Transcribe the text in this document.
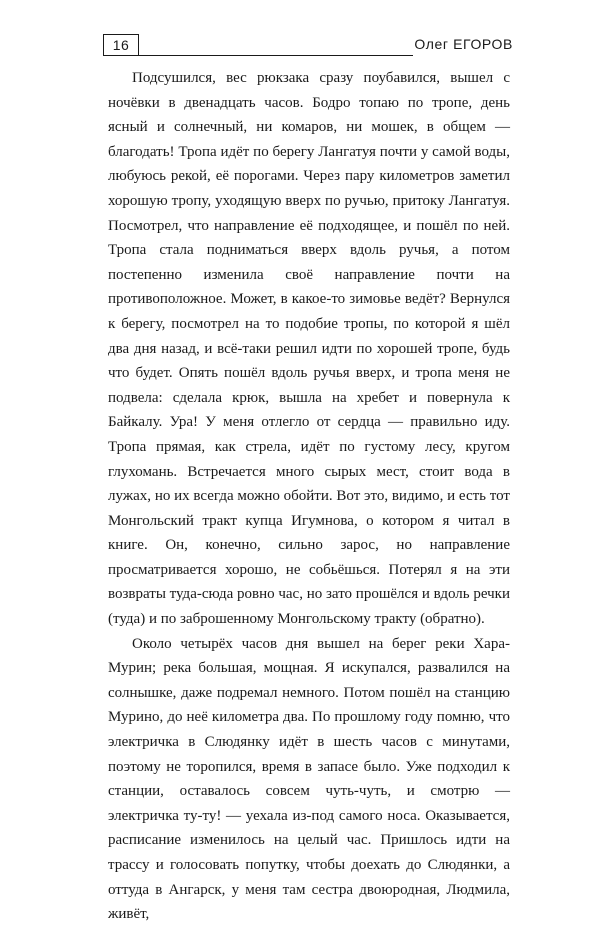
16	Олег ЕГОРОВ

Подсушился, вес рюкзака сразу поубавился, вышел с ночёвки в двенадцать часов. Бодро топаю по тропе, день ясный и солнечный, ни комаров, ни мошек, в общем — благодать! Тропа идёт по берегу Лангатуя почти у самой воды, любуюсь рекой, её порогами. Через пару километров заметил хорошую тропу, уходящую вверх по ручью, притоку Лангатуя. Посмотрел, что направление её подходящее, и пошёл по ней. Тропа стала подниматься вверх вдоль ручья, а потом постепенно изменила своё направление почти на противоположное. Может, в какое-то зимовье ведёт? Вернулся к берегу, посмотрел на то подобие тропы, по которой я шёл два дня назад, и всё-таки решил идти по хорошей тропе, будь что будет. Опять пошёл вдоль ручья вверх, и тропа меня не подвела: сделала крюк, вышла на хребет и повернула к Байкалу. Ура! У меня отлегло от сердца — правильно иду. Тропа прямая, как стрела, идёт по густому лесу, кругом глухомань. Встречается много сырых мест, стоит вода в лужах, но их всегда можно обойти. Вот это, видимо, и есть тот Монгольский тракт купца Игумнова, о котором я читал в книге. Он, конечно, сильно зарос, но направление просматривается хорошо, не собьёшься. Потерял я на эти возвраты туда-сюда ровно час, но зато прошёлся и вдоль речки (туда) и по заброшенному Монгольскому тракту (обратно).

Около четырёх часов дня вышел на берег реки Хара-Мурин; река большая, мощная. Я искупался, развалился на солнышке, даже подремал немного. Потом пошёл на станцию Мурино, до неё километра два. По прошлому году помню, что электричка в Слюдянку идёт в шесть часов с минутами, поэтому не торопился, время в запасе было. Уже подходил к станции, оставалось совсем чуть-чуть, и смотрю — электричка ту-ту! — уехала из-под самого носа. Оказывается, расписание изменилось на целый час. Пришлось идти на трассу и голосовать попутку, чтобы доехать до Слюдянки, а оттуда в Ангарск, у меня там сестра двоюродная, Людмила, живёт,
